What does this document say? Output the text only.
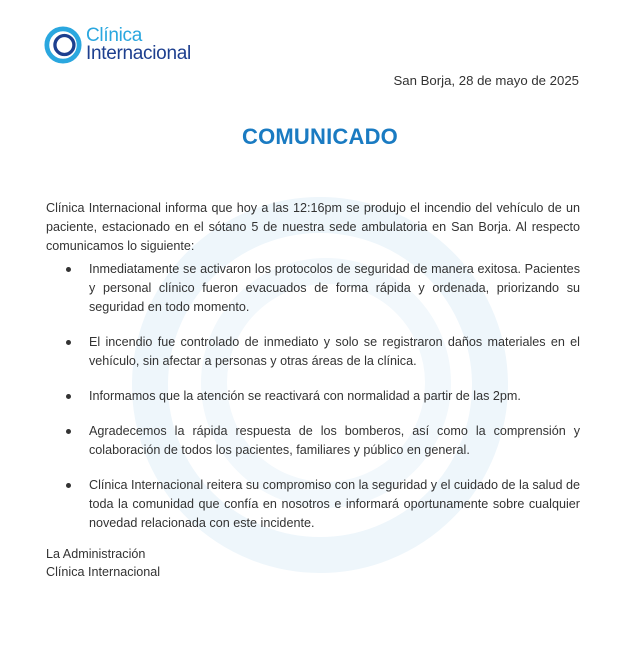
Clínica
Internacional
San Borja, 28 de mayo de 2025
COMUNICADO

Clínica Internacional informa que hoy a las 12:16pm se produjo el incendio del vehículo de un paciente, estacionado en el sótano 5 de nuestra sede ambulatoria en San Borja. Al respecto comunicamos lo siguiente:

Inmediatamente se activaron los protocolos de seguridad de manera exitosa. Pacientes y personal clínico fueron evacuados de forma rápida y ordenada, priorizando su seguridad en todo momento.
El incendio fue controlado de inmediato y solo se registraron daños materiales en el vehículo, sin afectar a personas y otras áreas de la clínica.
Informamos que la atención se reactivará con normalidad a partir de las 2pm.
Agradecemos la rápida respuesta de los bomberos, así como la comprensión y colaboración de todos los pacientes, familiares y público en general.
Clínica Internacional reitera su compromiso con la seguridad y el cuidado de la salud de toda la comunidad que confía en nosotros e informará oportunamente sobre cualquier novedad relacionada con este incidente.
La Administración
Clínica Internacional
